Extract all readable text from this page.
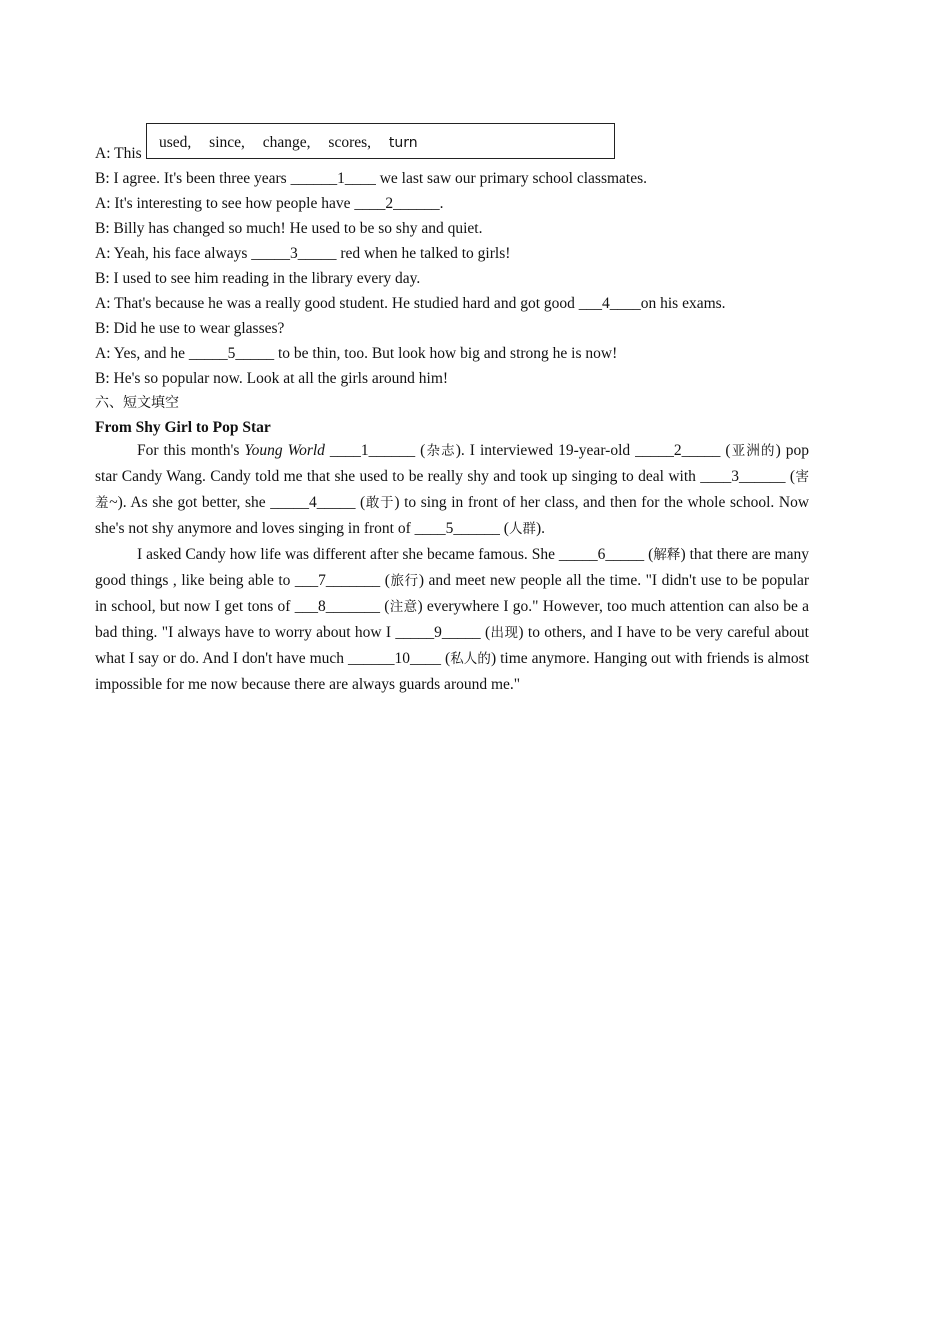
A: This
B: I agree. It's been three years ______1____ we last saw our primary school classmates.
A: It's interesting to see how people have ____2______.
B: Billy has changed so much! He used to be so shy and quiet.
A: Yeah, his face always _____3_____ red when he talked to girls!
B: I used to see him reading in the library every day.
A: That's because he was a really good student. He studied hard and got good ___4____on his exams.
B: Did he use to wear glasses?
A: Yes, and he _____5_____ to be thin, too. But look how big and strong he is now!
B: He's so popular now. Look at all the girls around him!
used, since, change, scores, turn
六、短文填空
From Shy Girl to Pop Star

For this month's Young World ____1______ (杂志). I interviewed 19-year-old _____2_____ (亚洲的) pop star Candy Wang. Candy told me that she used to be really shy and took up singing to deal with ____3______ (害羞~). As she got better, she _____4_____ (敢于) to sing in front of her class, and then for the whole school. Now she's not shy anymore and loves singing in front of ____5______ (人群).

I asked Candy how life was different after she became famous. She _____6_____ (解释) that there are many good things , like being able to ___7_______ (旅行) and meet new people all the time. "I didn't use to be popular in school, but now I get tons of ___8_______ (注意) everywhere I go." However, too much attention can also be a bad thing. "I always have to worry about how I _____9_____ (出现) to others, and I have to be very careful about what I say or do. And I don't have much ______10____ (私人的) time anymore. Hanging out with friends is almost impossible for me now because there are always guards around me."
